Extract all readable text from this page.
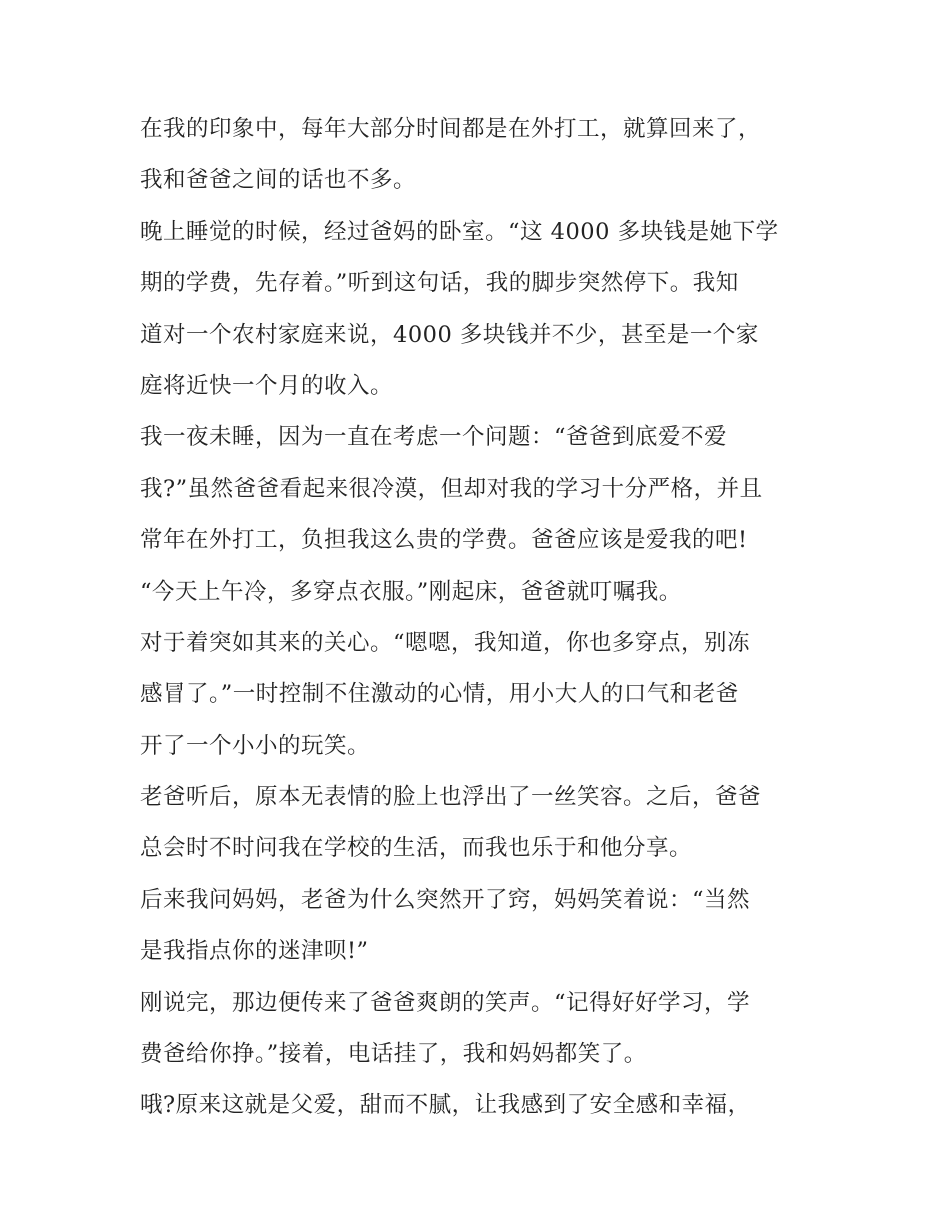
在我的印象中，每年大部分时间都是在外打工，就算回来了，
我和爸爸之间的话也不多。
晚上睡觉的时候，经过爸妈的卧室。“这 4000 多块钱是她下学
期的学费，先存着。”听到这句话，我的脚步突然停下。我知
道对一个农村家庭来说，4000 多块钱并不少，甚至是一个家
庭将近快一个月的收入。
我一夜未睡，因为一直在考虑一个问题：“爸爸到底爱不爱
我?”虽然爸爸看起来很冷漠，但却对我的学习十分严格，并且
常年在外打工，负担我这么贵的学费。爸爸应该是爱我的吧!
“今天上午冷，多穿点衣服。”刚起床，爸爸就叮嘱我。
对于着突如其来的关心。“嗯嗯，我知道，你也多穿点，别冻
感冒了。”一时控制不住激动的心情，用小大人的口气和老爸
开了一个小小的玩笑。
老爸听后，原本无表情的脸上也浮出了一丝笑容。之后，爸爸
总会时不时问我在学校的生活，而我也乐于和他分享。
后来我问妈妈，老爸为什么突然开了窍，妈妈笑着说：“当然
是我指点你的迷津呗!”
刚说完，那边便传来了爸爸爽朗的笑声。“记得好好学习，学
费爸给你挣。”接着，电话挂了，我和妈妈都笑了。
哦?原来这就是父爱，甜而不腻，让我感到了安全感和幸福，
